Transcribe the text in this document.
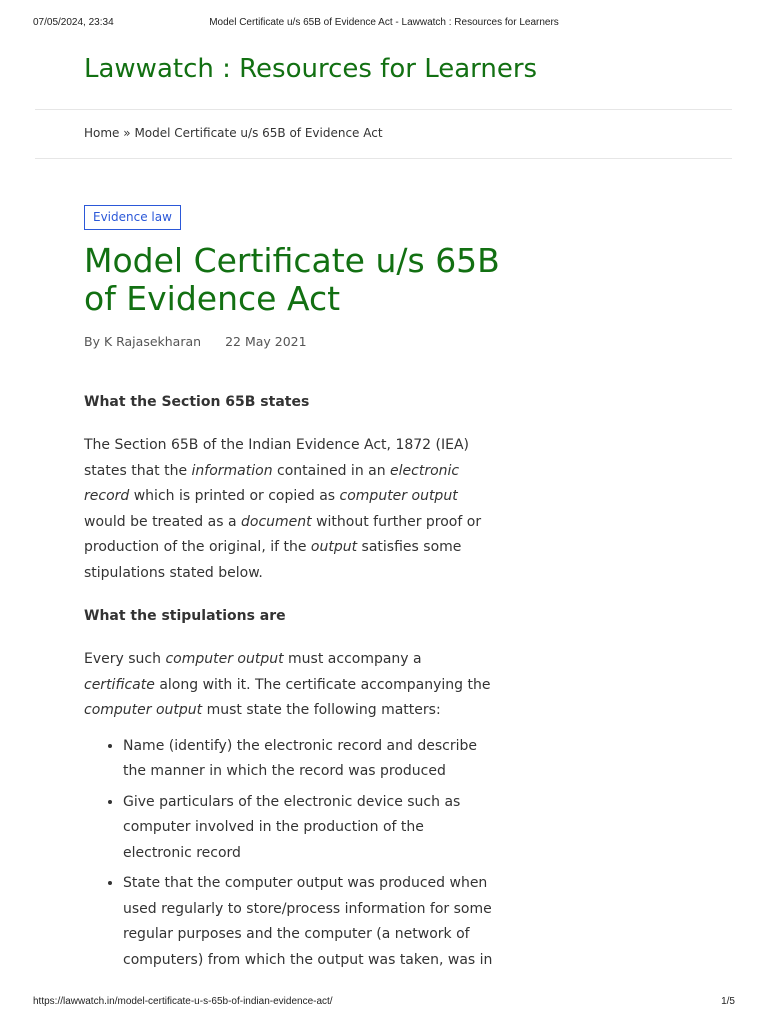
07/05/2024, 23:34	Model Certificate u/s 65B of Evidence Act - Lawwatch : Resources for Learners
Lawwatch : Resources for Learners
Home » Model Certificate u/s 65B of Evidence Act
Evidence law
Model Certificate u/s 65B of Evidence Act
By K Rajasekharan 22 May 2021
What the Section 65B states

The Section 65B of the Indian Evidence Act, 1872 (IEA) states that the information contained in an electronic record which is printed or copied as computer output would be treated as a document without further proof or production of the original, if the output satisfies some stipulations stated below.

What the stipulations are

Every such computer output must accompany a certificate along with it. The certificate accompanying the computer output must state the following matters:

• Name (identify) the electronic record and describe the manner in which the record was produced
• Give particulars of the electronic device such as computer involved in the production of the electronic record
• State that the computer output was produced when used regularly to store/process information for some regular purposes and the computer (a network of computers) from which the output was taken, was in
https://lawwatch.in/model-certificate-u-s-65b-of-indian-evidence-act/	1/5
